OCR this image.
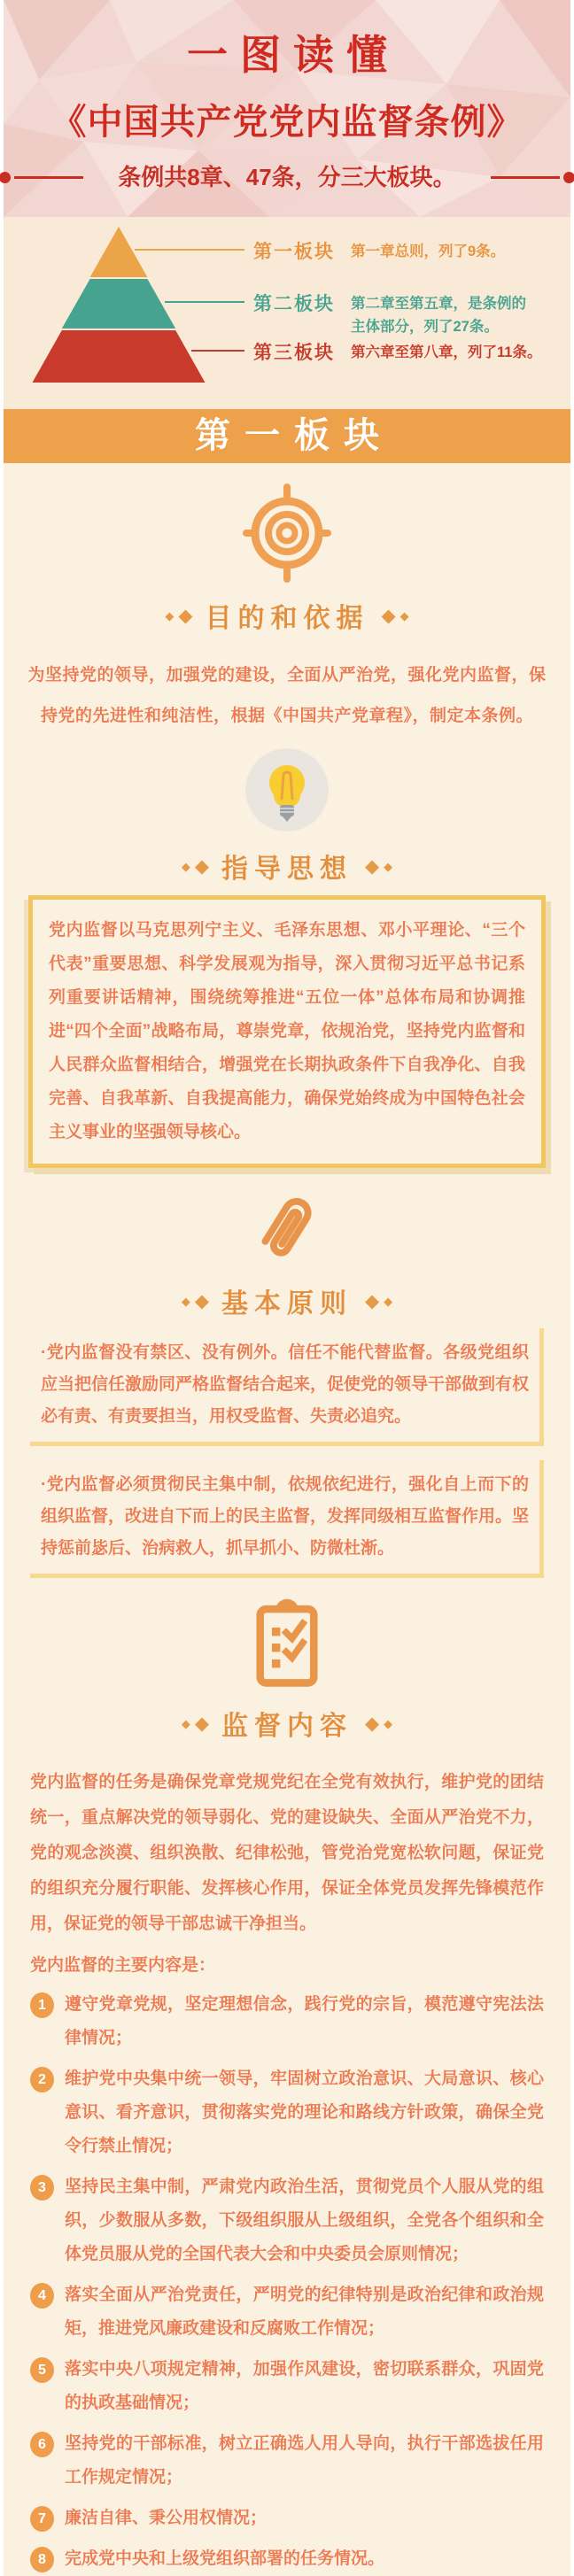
一图读懂
《中国共产党党内监督条例》
条例共8章、47条，分三大板块。
第一板块 第一章总则，列了9条。
第二板块 第二章至第五章，是条例的主体部分，列了27条。
第三板块 第六章至第八章，列了11条。
第一板块
◆ ◆ 目的和依据 ◆ ◆

为坚持党的领导，加强党的建设，全面从严治党，强化党内监督，保持党的先进性和纯洁性，根据《中国共产党章程》，制定本条例。

◆ ◆ 指导思想 ◆ ◆

党内监督以马克思列宁主义、毛泽东思想、邓小平理论、“三个代表”重要思想、科学发展观为指导，深入贯彻习近平总书记系列重要讲话精神，围绕统筹推进“五位一体”总体布局和协调推进“四个全面”战略布局，尊崇党章，依规治党，坚持党内监督和人民群众监督相结合，增强党在长期执政条件下自我净化、自我完善、自我革新、自我提高能力，确保党始终成为中国特色社会主义事业的坚强领导核心。

◆ ◆ 基本原则 ◆ ◆

·党内监督没有禁区、没有例外。信任不能代替监督。各级党组织应当把信任激励同严格监督结合起来，促使党的领导干部做到有权必有责、有责要担当，用权受监督、失责必追究。

·党内监督必须贯彻民主集中制，依规依纪进行，强化自上而下的组织监督，改进自下而上的民主监督，发挥同级相互监督作用。坚持惩前毖后、治病救人，抓早抓小、防微杜渐。

◆ ◆ 监督内容 ◆ ◆

党内监督的任务是确保党章党规党纪在全党有效执行，维护党的团结统一，重点解决党的领导弱化、党的建设缺失、全面从严治党不力，党的观念淡漠、组织涣散、纪律松弛，管党治党宽松软问题，保证党的组织充分履行职能、发挥核心作用，保证全体党员发挥先锋模范作用，保证党的领导干部忠诚干净担当。

党内监督的主要内容是：

1	遵守党章党规，坚定理想信念，践行党的宗旨，模范遵守宪法法律情况；

2	维护党中央集中统一领导，牢固树立政治意识、大局意识、核心意识、看齐意识，贯彻落实党的理论和路线方针政策，确保全党令行禁止情况；

3	坚持民主集中制，严肃党内政治生活，贯彻党员个人服从党的组织，少数服从多数，下级组织服从上级组织，全党各个组织和全体党员服从党的全国代表大会和中央委员会原则情况；

4	落实全面从严治党责任，严明党的纪律特别是政治纪律和政治规矩，推进党风廉政建设和反腐败工作情况；

5	落实中央八项规定精神，加强作风建设，密切联系群众，巩固党的执政基础情况；

6	坚持党的干部标准，树立正确选人用人导向，执行干部选拔任用工作规定情况；

7	廉洁自律、秉公用权情况；

8	完成党中央和上级党组织部署的任务情况。
